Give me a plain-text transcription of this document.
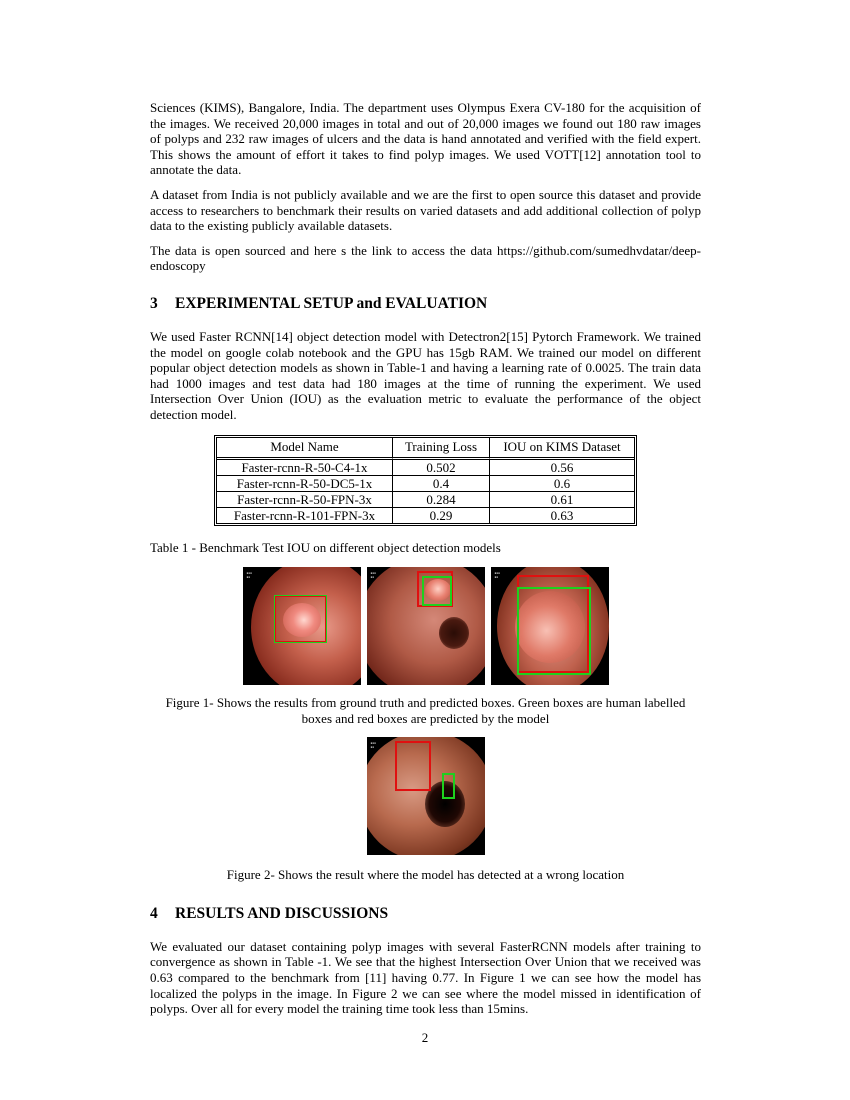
Sciences (KIMS), Bangalore, India. The department uses Olympus Exera CV-180 for the acquisition of the images. We received 20,000 images in total and out of 20,000 images we found out 180 raw images of polyps and 232 raw images of ulcers and the data is hand annotated and verified with the field expert. This shows the amount of effort it takes to find polyp images. We used VOTT[12] annotation tool to annotate the data.

A dataset from India is not publicly available and we are the first to open source this dataset and provide access to researchers to benchmark their results on varied datasets and add additional collection of polyp data to the existing publicly available datasets.

The data is open sourced and here s the link to access the data https://github.com/sumedhvdatar/deep-endoscopy

3 EXPERIMENTAL SETUP and EVALUATION

We used Faster RCNN[14] object detection model with Detectron2[15] Pytorch Framework. We trained the model on google colab notebook and the GPU has 15gb RAM. We trained our model on different popular object detection models as shown in Table-1 and having a learning rate of 0.0025. The train data had 1000 images and test data had 180 images at the time of running the experiment. We used Intersection Over Union (IOU) as the evaluation metric to evaluate the performance of the object detection model.

Model Name	Training Loss	IOU on KIMS Dataset
Faster-rcnn-R-50-C4-1x	0.502	0.56
Faster-rcnn-R-50-DC5-1x	0.4	0.6
Faster-rcnn-R-50-FPN-3x	0.284	0.61
Faster-rcnn-R-101-FPN-3x	0.29	0.63
Table 1 - Benchmark Test IOU on different object detection models
▪▪▪
▪▪
▪▪▪
▪▪
▪▪▪
▪▪
Figure 1- Shows the results from ground truth and predicted boxes. Green boxes are human labelled
boxes and red boxes are predicted by the model
▪▪▪
▪▪
Figure 2- Shows the result where the model has detected at a wrong location
4 RESULTS AND DISCUSSIONS

We evaluated our dataset containing polyp images with several FasterRCNN models after training to convergence as shown in Table -1. We see that the highest Intersection Over Union that we received was 0.63 compared to the benchmark from [11] having 0.77. In Figure 1 we can see how the model has localized the polyps in the image. In Figure 2 we can see where the model missed in identification of polyps. Over all for every model the training time took less than 15mins.

2
